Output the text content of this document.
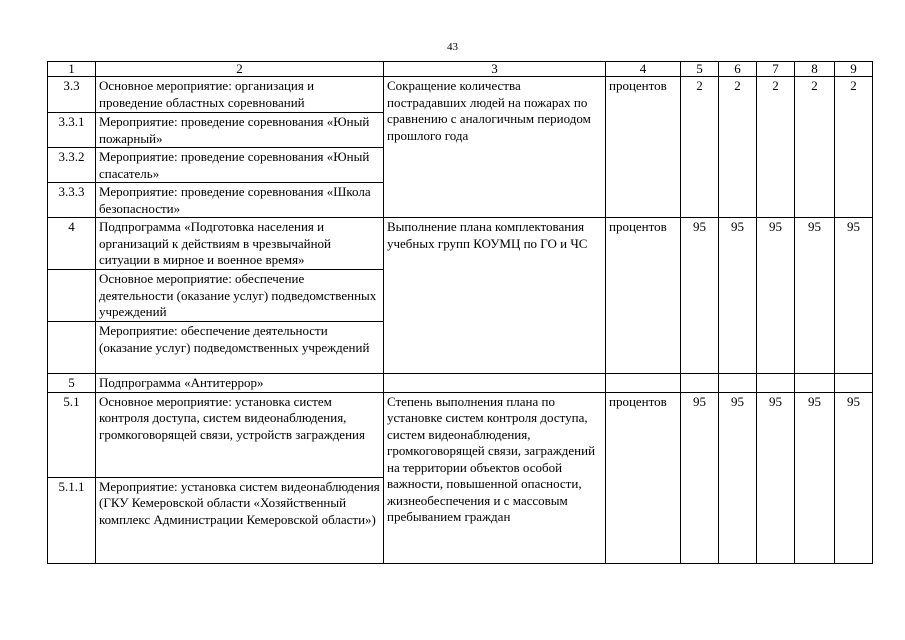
43
1	2	3	4	5	6	7	8	9
3.3	Основное мероприятие: организация и проведение областных соревнований	Сокращение количества пострадавших людей на пожарах по сравнению с аналогичным периодом прошлого года	процентов	2	2	2	2	2
3.3.1	Мероприятие: проведение соревнования «Юный пожарный»							
3.3.2	Мероприятие: проведение соревнования «Юный спасатель»							
3.3.3	Мероприятие: проведение соревнования «Школа безопасности»							
4	Подпрограмма «Подготовка населения и организаций к действиям в чрезвычайной ситуации в мирное и военное время»	Выполнение плана комплектования учебных групп КОУМЦ по ГО и ЧС	процентов	95	95	95	95	95
	Основное мероприятие: обеспечение деятельности (оказание услуг) подведомственных учреждений							
	Мероприятие: обеспечение деятельности (оказание услуг) подведомственных учреждений							
5	Подпрограмма «Антитеррор»							
5.1	Основное мероприятие: установка систем контроля доступа, систем видеонаблюдения, громкоговорящей связи, устройств заграждения	Степень выполнения плана по установке систем контроля доступа, систем видеонаблюдения, громкоговорящей связи, заграждений на территории объектов особой важности, повышенной опасности, жизнеобеспечения и с массовым пребыванием граждан	процентов	95	95	95	95	95
5.1.1	Мероприятие: установка систем видеонаблюдения (ГКУ Кемеровской области «Хозяйственный комплекс Администрации Кемеровской области»)							
